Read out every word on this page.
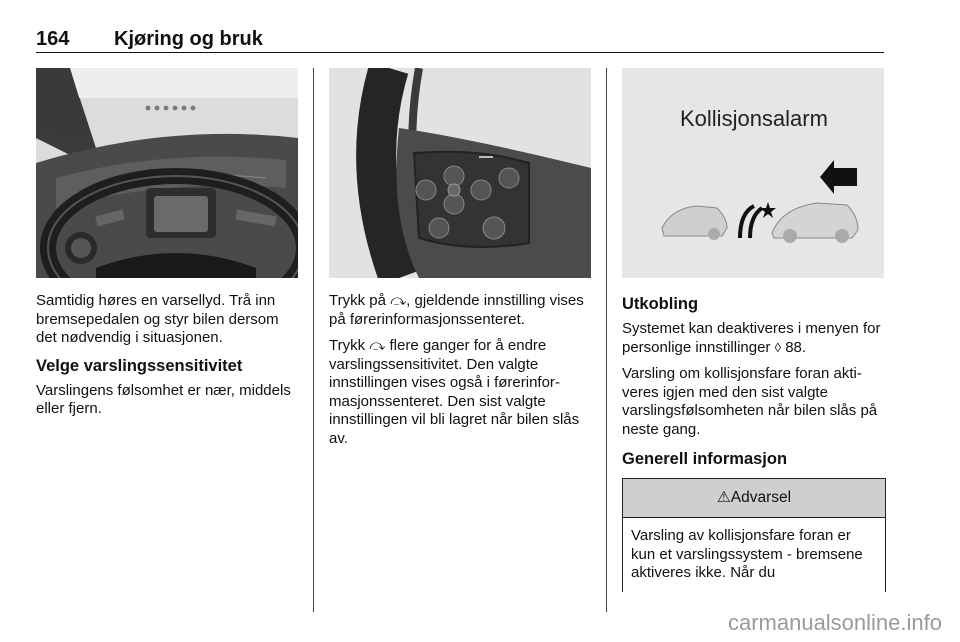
164 Kjøring og bruk
Kollisjonsalarm

Samtidig høres en varsellyd. Trå inn bremsepedalen og styr bilen dersom det nødvendig i situasjonen.

Velge varslingssensitivitet

Varslingens følsomhet er nær, middels eller fjern.

Trykk på ⤼, gjeldende innstilling vises på førerinformasjonssenteret.

Trykk ⤼ flere ganger for å endre varslingssensitivitet. Den valgte innstillingen vises også i førerinformasjonssenteret. Den sist valgte innstillingen vil bli lagret når bilen slås av.

Utkobling

Systemet kan deaktiveres i menyen for personlige innstillinger ◊ 88.

Varsling om kollisjonsfare foran aktiveres igjen med den sist valgte varslingsfølsomheten når bilen slås på neste gang.

Generell informasjon
⚠Advarsel
Varsling av kollisjonsfare foran er kun et varslingssystem - bremsene aktiveres ikke. Når du
carmanualsonline.info
